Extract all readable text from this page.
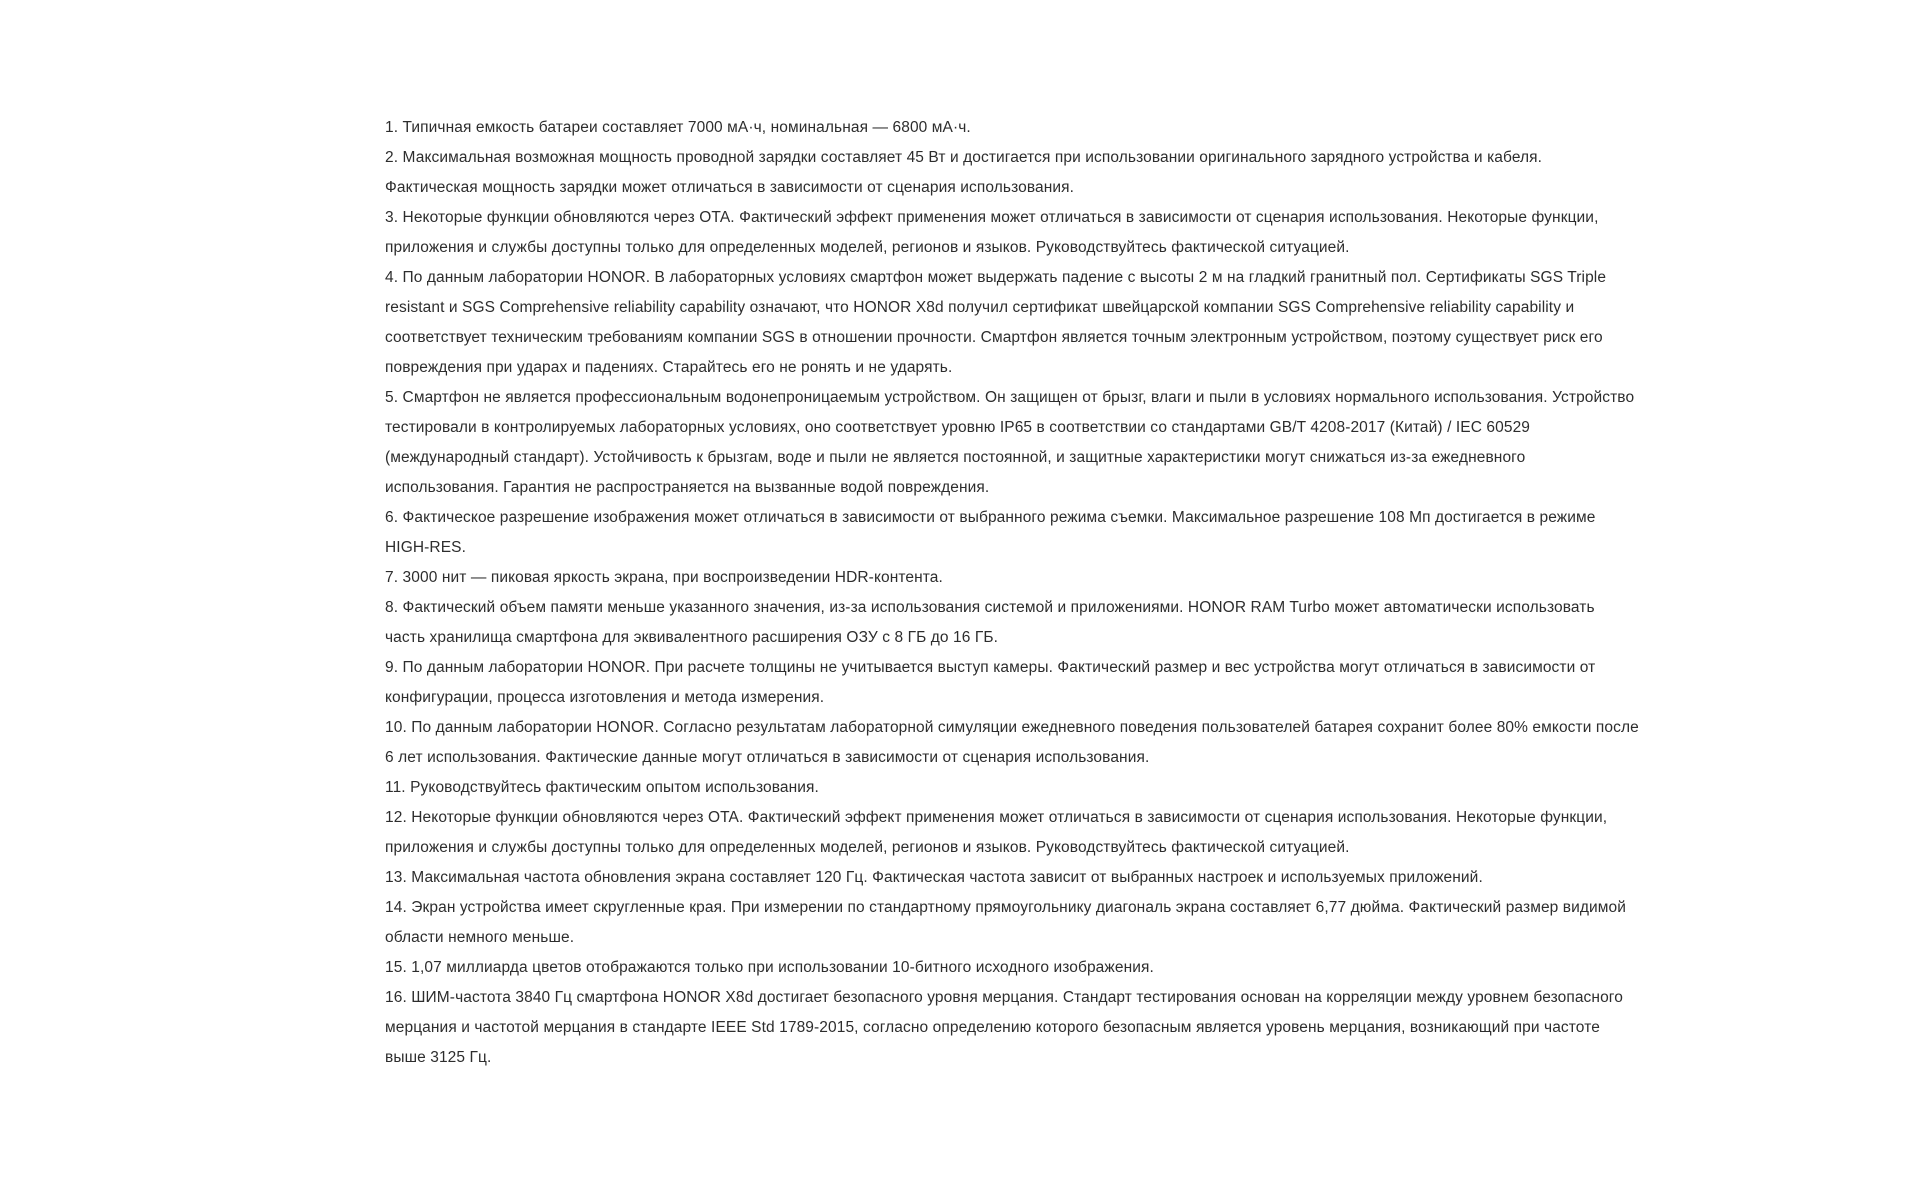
1. Типичная емкость батареи составляет 7000 мА·ч, номинальная — 6800 мА·ч.

2. Максимальная возможная мощность проводной зарядки составляет 45 Вт и достигается при использовании оригинального зарядного устройства и кабеля.
Фактическая мощность зарядки может отличаться в зависимости от сценария использования.

3. Некоторые функции обновляются через OTA. Фактический эффект применения может отличаться в зависимости от сценария использования. Некоторые функции,
приложения и службы доступны только для определенных моделей, регионов и языков. Руководствуйтесь фактической ситуацией.

4. По данным лаборатории HONOR. В лабораторных условиях смартфон может выдержать падение с высоты 2 м на гладкий гранитный пол. Сертификаты SGS Triple
resistant и SGS Comprehensive reliability capability означают, что HONOR X8d получил сертификат швейцарской компании SGS Comprehensive reliability capability и
соответствует техническим требованиям компании SGS в отношении прочности. Смартфон является точным электронным устройством, поэтому существует риск его
повреждения при ударах и падениях. Старайтесь его не ронять и не ударять.

5. Смартфон не является профессиональным водонепроницаемым устройством. Он защищен от брызг, влаги и пыли в условиях нормального использования. Устройство
тестировали в контролируемых лабораторных условиях, оно соответствует уровню IP65 в соответствии со стандартами GB/T 4208-2017 (Китай) / IEC 60529
(международный стандарт). Устойчивость к брызгам, воде и пыли не является постоянной, и защитные характеристики могут снижаться из-за ежедневного
использования. Гарантия не распространяется на вызванные водой повреждения.

6. Фактическое разрешение изображения может отличаться в зависимости от выбранного режима съемки. Максимальное разрешение 108 Мп достигается в режиме
HIGH-RES.

7. 3000 нит — пиковая яркость экрана, при воспроизведении HDR-контента.

8. Фактический объем памяти меньше указанного значения, из-за использования системой и приложениями. HONOR RAM Turbo может автоматически использовать
часть хранилища смартфона для эквивалентного расширения ОЗУ с 8 ГБ до 16 ГБ.

9. По данным лаборатории HONOR. При расчете толщины не учитывается выступ камеры. Фактический размер и вес устройства могут отличаться в зависимости от
конфигурации, процесса изготовления и метода измерения.

10. По данным лаборатории HONOR. Согласно результатам лабораторной симуляции ежедневного поведения пользователей батарея сохранит более 80% емкости после
6 лет использования. Фактические данные могут отличаться в зависимости от сценария использования.

11. Руководствуйтесь фактическим опытом использования.

12. Некоторые функции обновляются через OTA. Фактический эффект применения может отличаться в зависимости от сценария использования. Некоторые функции,
приложения и службы доступны только для определенных моделей, регионов и языков. Руководствуйтесь фактической ситуацией.

13. Максимальная частота обновления экрана составляет 120 Гц. Фактическая частота зависит от выбранных настроек и используемых приложений.

14. Экран устройства имеет скругленные края. При измерении по стандартному прямоугольнику диагональ экрана составляет 6,77 дюйма. Фактический размер видимой
области немного меньше.

15. 1,07 миллиарда цветов отображаются только при использовании 10-битного исходного изображения.

16. ШИМ-частота 3840 Гц смартфона HONOR X8d достигает безопасного уровня мерцания. Стандарт тестирования основан на корреляции между уровнем безопасного
мерцания и частотой мерцания в стандарте IEEE Std 1789-2015, согласно определению которого безопасным является уровень мерцания, возникающий при частоте
выше 3125 Гц.
